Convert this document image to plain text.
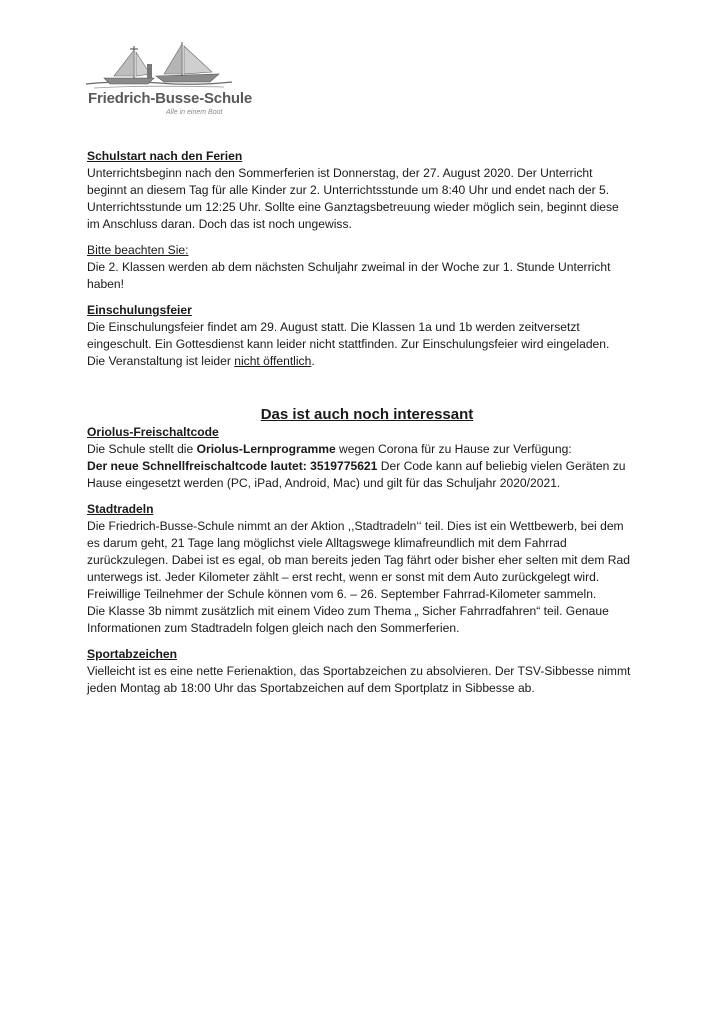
Friedrich-Busse-Schule
Alle in einem Boot

Schulstart nach den Ferien

Unterrichtsbeginn nach den Sommerferien ist Donnerstag, der 27. August 2020. Der Unterricht

beginnt an diesem Tag für alle Kinder zur 2. Unterrichtsstunde um 8:40 Uhr und endet nach der 5.

Unterrichtsstunde um 12:25 Uhr. Sollte eine Ganztagsbetreuung wieder möglich sein, beginnt diese

im Anschluss daran. Doch das ist noch ungewiss.

Bitte beachten Sie:

Die 2. Klassen werden ab dem nächsten Schuljahr zweimal in der Woche zur 1. Stunde Unterricht

haben!

Einschulungsfeier

Die Einschulungsfeier findet am 29. August statt. Die Klassen 1a und 1b werden zeitversetzt

eingeschult. Ein Gottesdienst kann leider nicht stattfinden. Zur Einschulungsfeier wird eingeladen.

Die Veranstaltung ist leider nicht öffentlich.

Das ist auch noch interessant

Oriolus-Freischaltcode

Die Schule stellt die Oriolus-Lernprogramme wegen Corona für zu Hause zur Verfügung:

Der neue Schnellfreischaltcode lautet: 3519775621 Der Code kann auf beliebig vielen Geräten zu

Hause eingesetzt werden (PC, iPad, Android, Mac) und gilt für das Schuljahr 2020/2021.

Stadtradeln

Die Friedrich-Busse-Schule nimmt an der Aktion ,,Stadtradeln‘‘ teil. Dies ist ein Wettbewerb, bei dem

es darum geht, 21 Tage lang möglichst viele Alltagswege klimafreundlich mit dem Fahrrad

zurückzulegen. Dabei ist es egal, ob man bereits jeden Tag fährt oder bisher eher selten mit dem Rad

unterwegs ist. Jeder Kilometer zählt – erst recht, wenn er sonst mit dem Auto zurückgelegt wird.

Freiwillige Teilnehmer der Schule können vom 6. – 26. September Fahrrad-Kilometer sammeln.

Die Klasse 3b nimmt zusätzlich mit einem Video zum Thema „ Sicher Fahrradfahren“ teil. Genaue

Informationen zum Stadtradeln folgen gleich nach den Sommerferien.

Sportabzeichen

Vielleicht ist es eine nette Ferienaktion, das Sportabzeichen zu absolvieren. Der TSV-Sibbesse nimmt

jeden Montag ab 18:00 Uhr das Sportabzeichen auf dem Sportplatz in Sibbesse ab.
